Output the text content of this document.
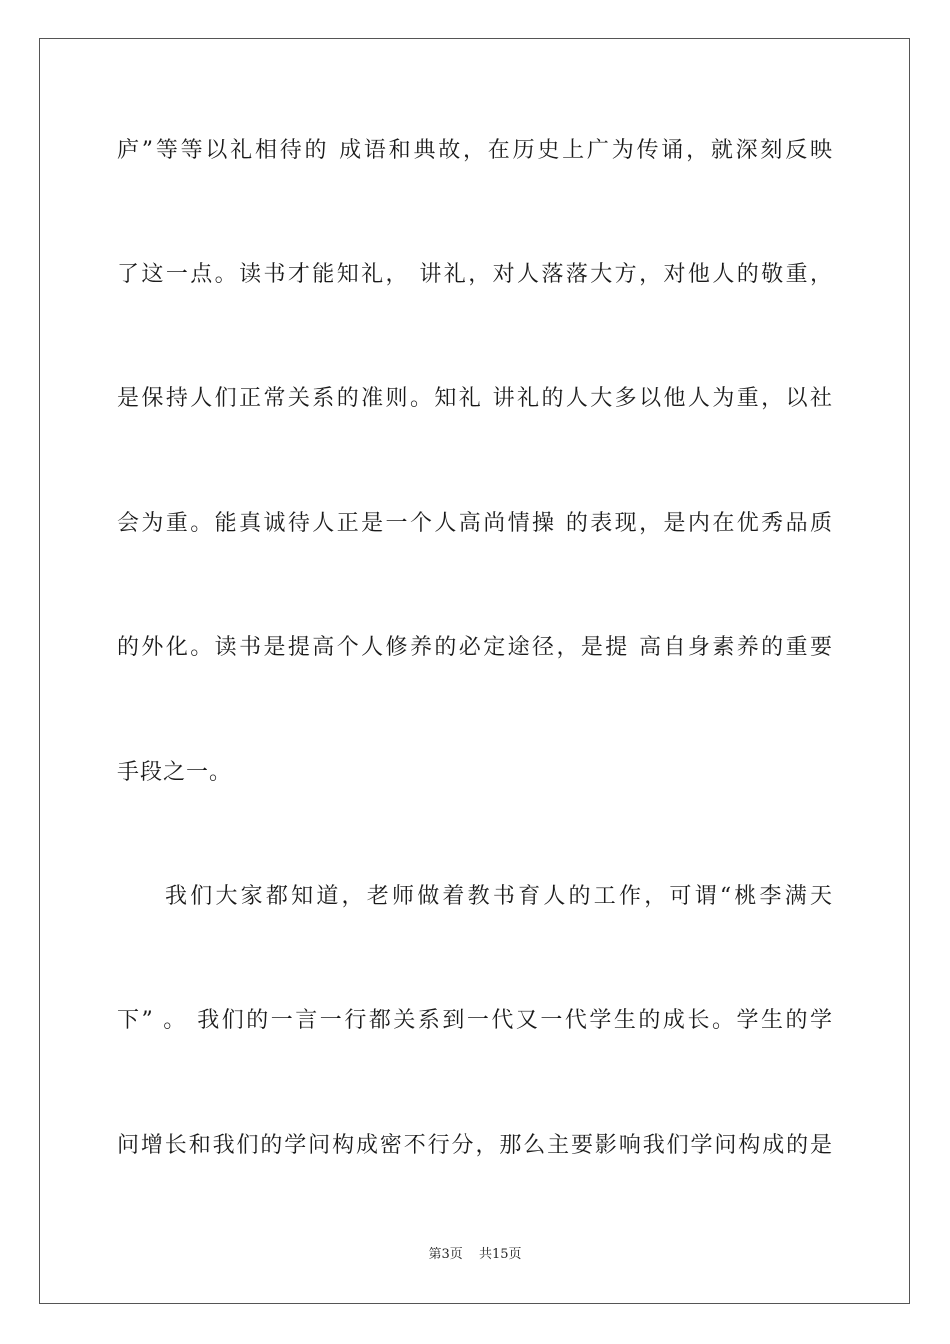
庐”等等以礼相待的 成语和典故，在历史上广为传诵，就深刻反映
了这一点。读书才能知礼， 讲礼，对人落落大方，对他人的敬重，
是保持人们正常关系的准则。知礼 讲礼的人大多以他人为重，以社
会为重。能真诚待人正是一个人高尚情操 的表现，是内在优秀品质
的外化。读书是提高个人修养的必定途径，是提 高自身素养的重要
手段之一。
我们大家都知道，老师做着教书育人的工作，可谓“桃李满天
下” 。 我们的一言一行都关系到一代又一代学生的成长。学生的学
问增长和我们的学问构成密不行分，那么主要影响我们学问构成的是
第3页 共15页
